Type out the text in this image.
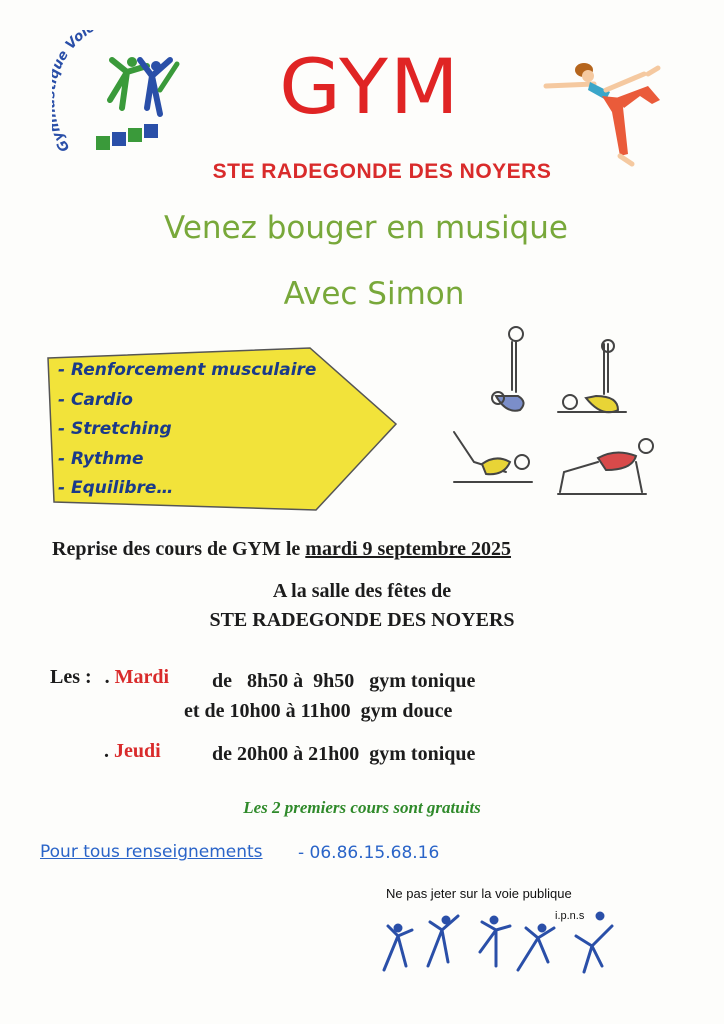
G e Vol
GYM
STE RADEGONDE DES NOYERS
Venez bouger en musique
Avec Simon
- Renforcement musculaire
- Cardio
- Stretching
- Rythme
- Equilibre…
Reprise des cours de GYM le mardi 9 septembre 2025
A la salle des fêtes de
STE RADEGONDE DES NOYERS
Les : . Mardi de   8h50 à  9h50   gym tonique
et de 10h00 à 11h00  gym douce
. Jeudi	de 20h00 à 21h00  gym tonique
Les 2 premiers cours sont gratuits
Pour tous renseignements - 06.86.15.68.16
Ne pas jeter sur la voie publique
i.p.n.s
